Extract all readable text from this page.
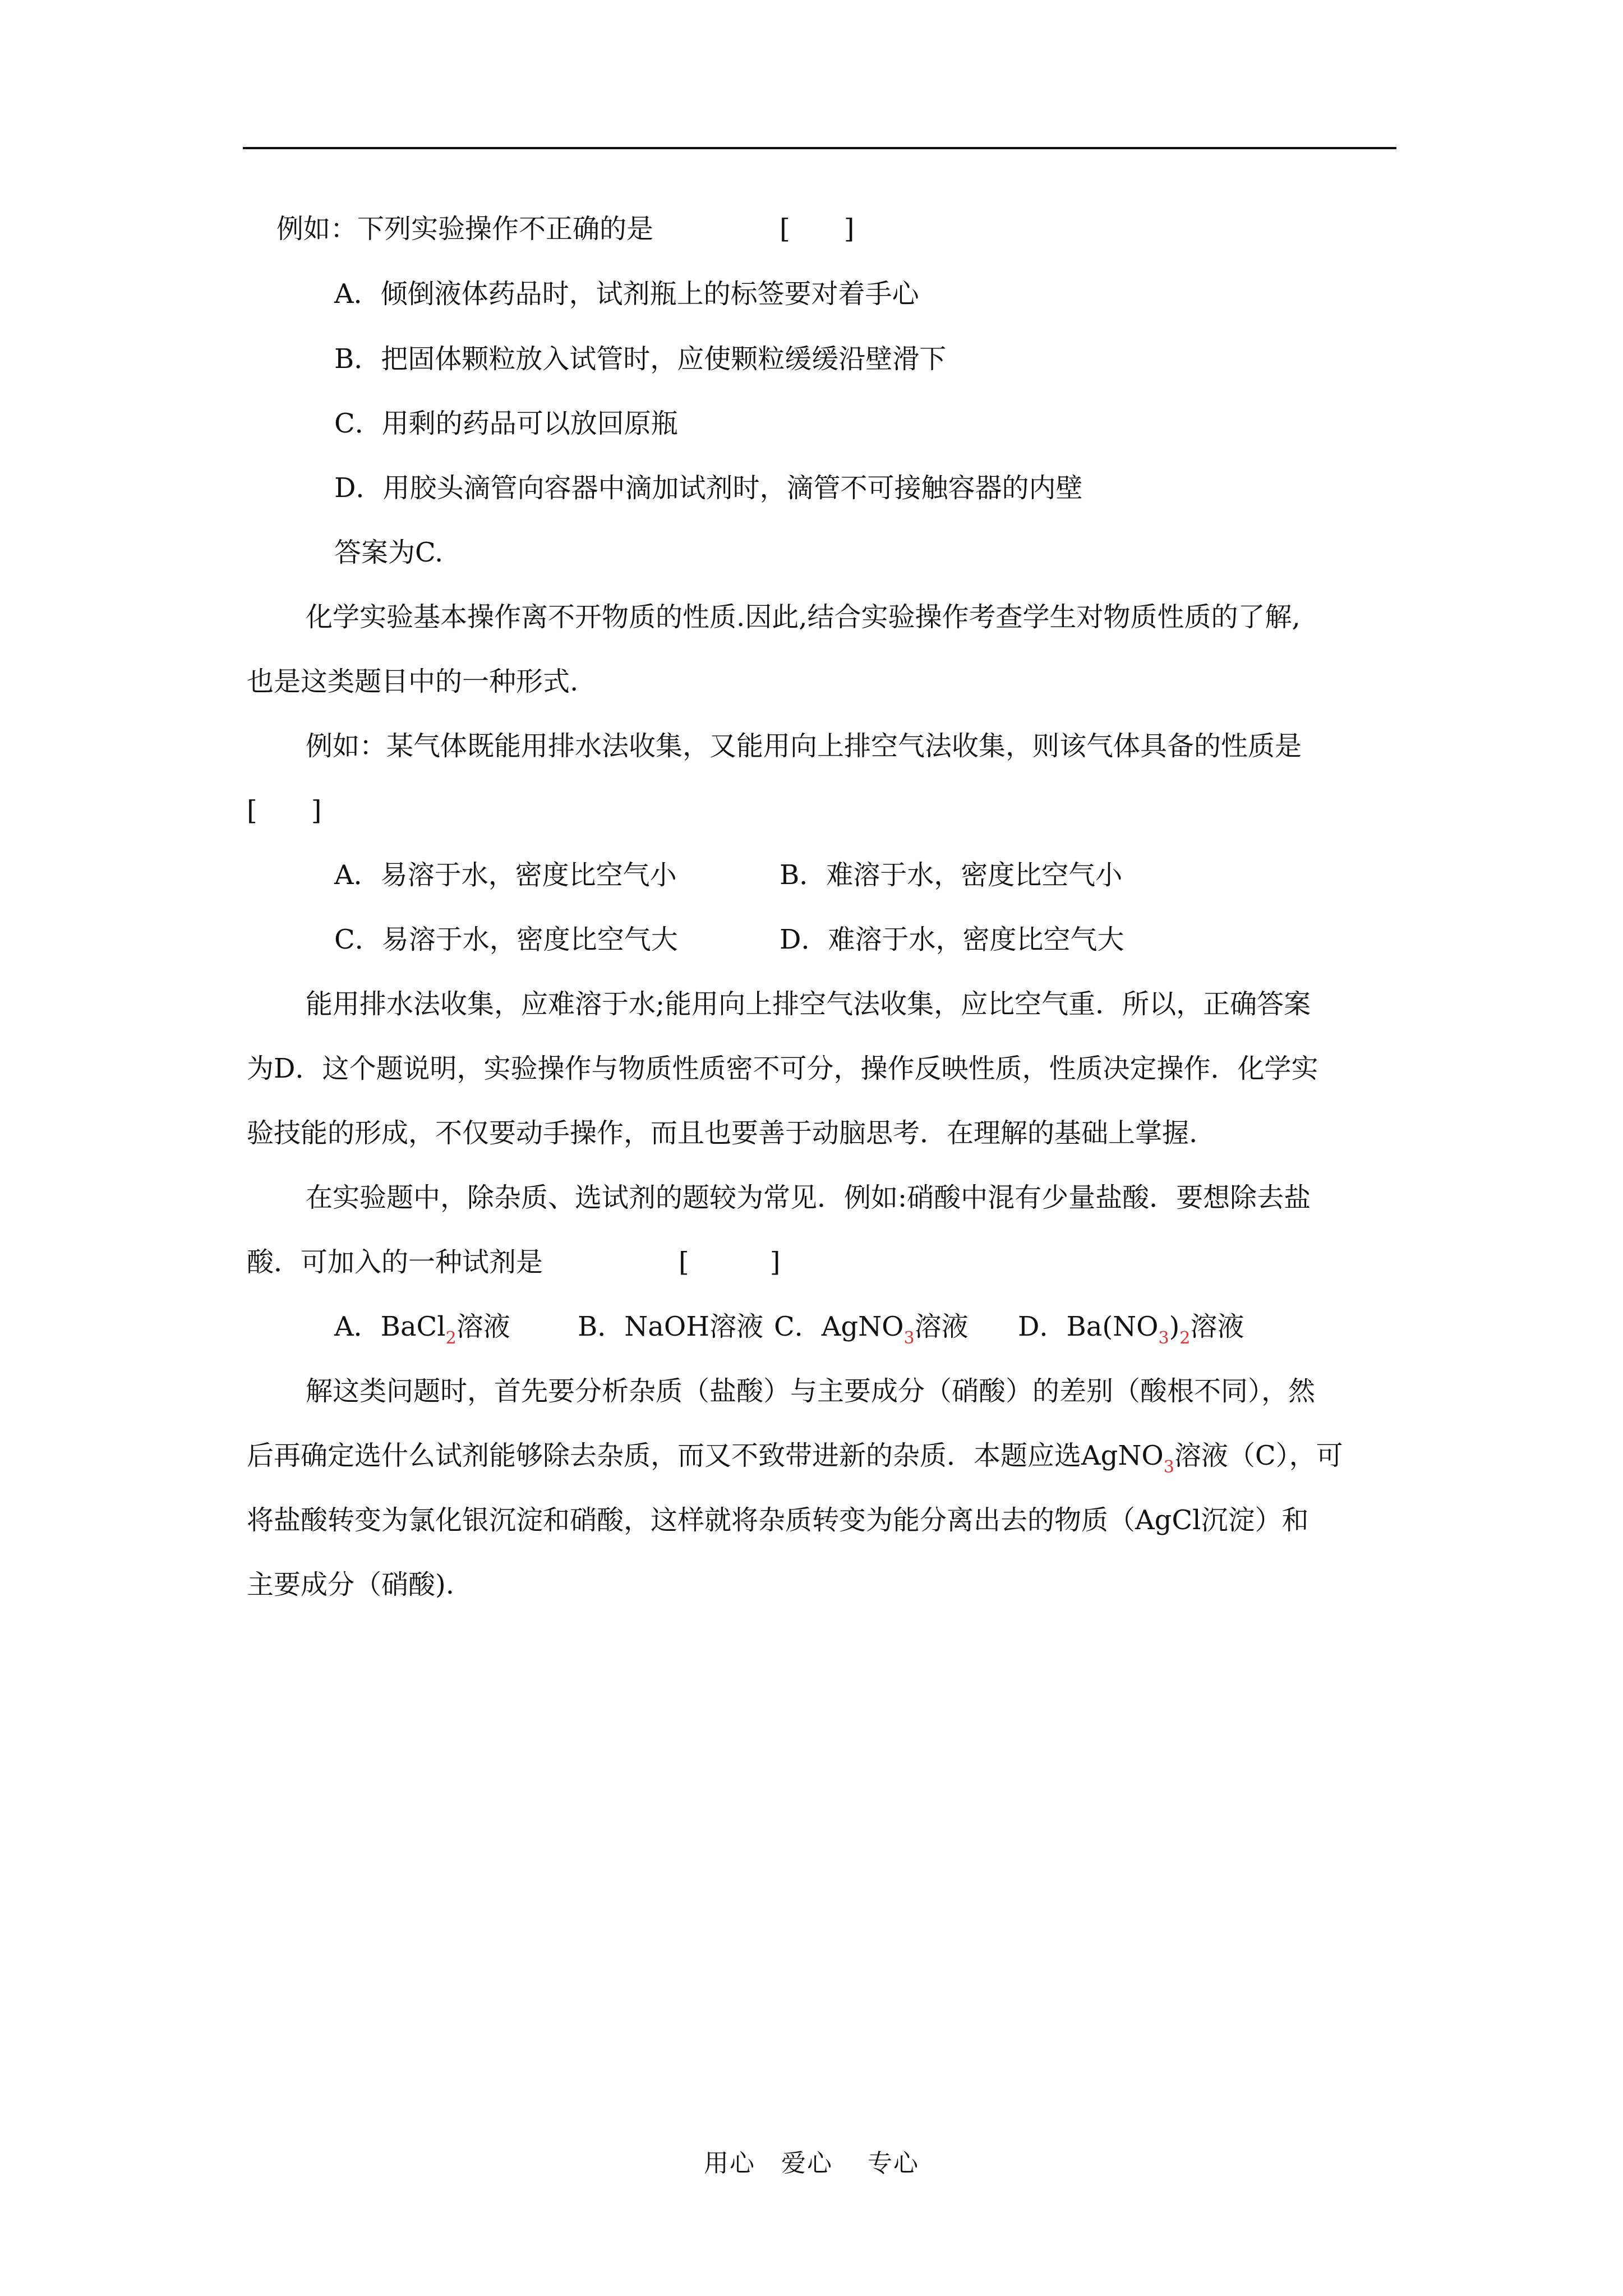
例如：下列实验操作不正确的是	[　　]
A．倾倒液体药品时，试剂瓶上的标签要对着手心
B．把固体颗粒放入试管时，应使颗粒缓缓沿壁滑下
C．用剩的药品可以放回原瓶
D．用胶头滴管向容器中滴加试剂时，滴管不可接触容器的内壁
答案为C.
化学实验基本操作离不开物质的性质.因此,结合实验操作考查学生对物质性质的了解,
也是这类题目中的一种形式.
例如：某气体既能用排水法收集，又能用向上排空气法收集，则该气体具备的性质是
[　　]
A．易溶于水，密度比空气小	B．难溶于水，密度比空气小
C．易溶于水，密度比空气大	D．难溶于水，密度比空气大
能用排水法收集，应难溶于水;能用向上排空气法收集，应比空气重．所以，正确答案
为D．这个题说明，实验操作与物质性质密不可分，操作反映性质，性质决定操作．化学实
验技能的形成，不仅要动手操作，而且也要善于动脑思考．在理解的基础上掌握.
在实验题中，除杂质、选试剂的题较为常见．例如:硝酸中混有少量盐酸．要想除去盐
酸．可加入的一种试剂是	[　　　]
A．BaCl$_2$溶液	B．NaOH溶液 C．AgNO$_3$溶液 D．$Ba(NO_3)_2$溶液
解这类问题时，首先要分析杂质（盐酸）与主要成分（硝酸）的差别（酸根不同），然
后再确定选什么试剂能够除去杂质，而又不致带进新的杂质．本题应选AgNO$_3$溶液（C），可
将盐酸转变为氯化银沉淀和硝酸，这样就将杂质转变为能分离出去的物质（AgCl沉淀）和
主要成分（硝酸).
用心　爱心　 专心
